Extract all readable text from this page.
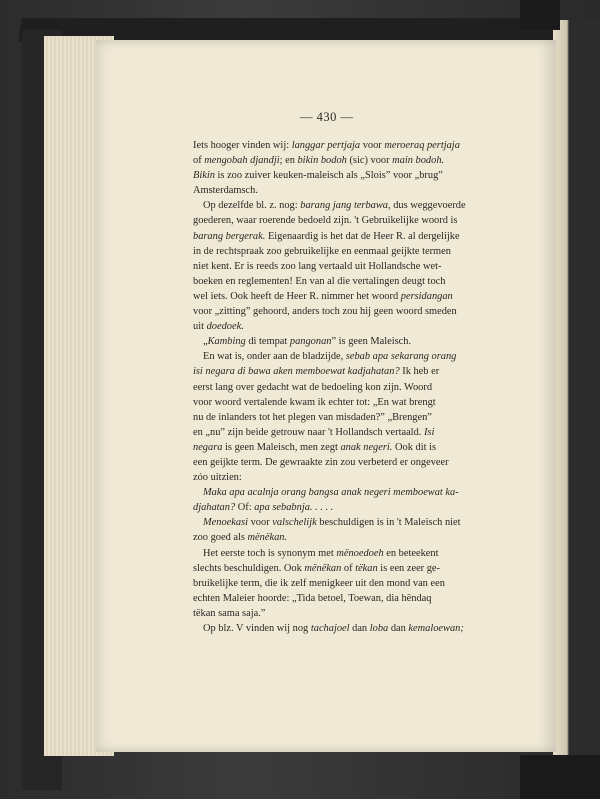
— 430 —
Iets hooger vinden wij: langgar pertjaja voor meroeraq pertjaja
of mengobah djandji; en bikin bodoh (sic) voor main bodoh.
Bikin is zoo zuiver keuken-maleisch als „Slois” voor „brug”
Amsterdamsch.
Op dezelfde bl. z. nog: barang jang terbawa, dus weggevoerde
goederen, waar roerende bedoeld zijn. 't Gebruikelijke woord is
barang bergerak. Eigenaardig is het dat de Heer R. al dergelijke
in de rechtspraak zoo gebruikelijke en eenmaal geijkte termen
niet kent. Er is reeds zoo lang vertaald uit Hollandsche wet-
boeken en reglementen! En van al die vertalingen deugt toch
wel iets. Ook heeft de Heer R. nimmer het woord persidangan
voor „zitting” gehoord, anders toch zou hij geen woord smeden
uit doedoek.
„Kambing di tempat pangonan” is geen Maleisch.
En wat is, onder aan de bladzijde, sebab apa sekarang orang
isi negara di bawa aken memboewat kadjahatan? Ik heb er
eerst lang over gedacht wat de bedoeling kon zijn. Woord
voor woord vertalende kwam ik echter tot: „En wat brengt
nu de inlanders tot het plegen van misdaden?” „Brengen”
en „nu” zijn beide getrouw naar 't Hollandsch vertaald. Isi
negara is geen Maleisch, men zegt anak negeri. Ook dit is
een geijkte term. De gewraakte zin zou verbeterd er ongeveer
zóo uitzien:
Maka apa acalnja orang bangsa anak negeri memboewat ka-
djahatan? Of: apa sebabnja. . . . .
Menoekasi voor valschelijk beschuldigen is in 't Maleisch niet
zoo goed als mënëkan.
Het eerste toch is synonym met mënoedoeh en beteekent
slechts beschuldigen. Ook mënëkan of tëkan is een zeer ge-
bruikelijke term, die ik zelf menigkeer uit den mond van een
echten Maleier hoorde: „Tida betoel, Toewan, dia hëndaq
tëkan sama saja.”
Op blz. V vinden wij nog tachajoel dan loba dan kemaloewan;
